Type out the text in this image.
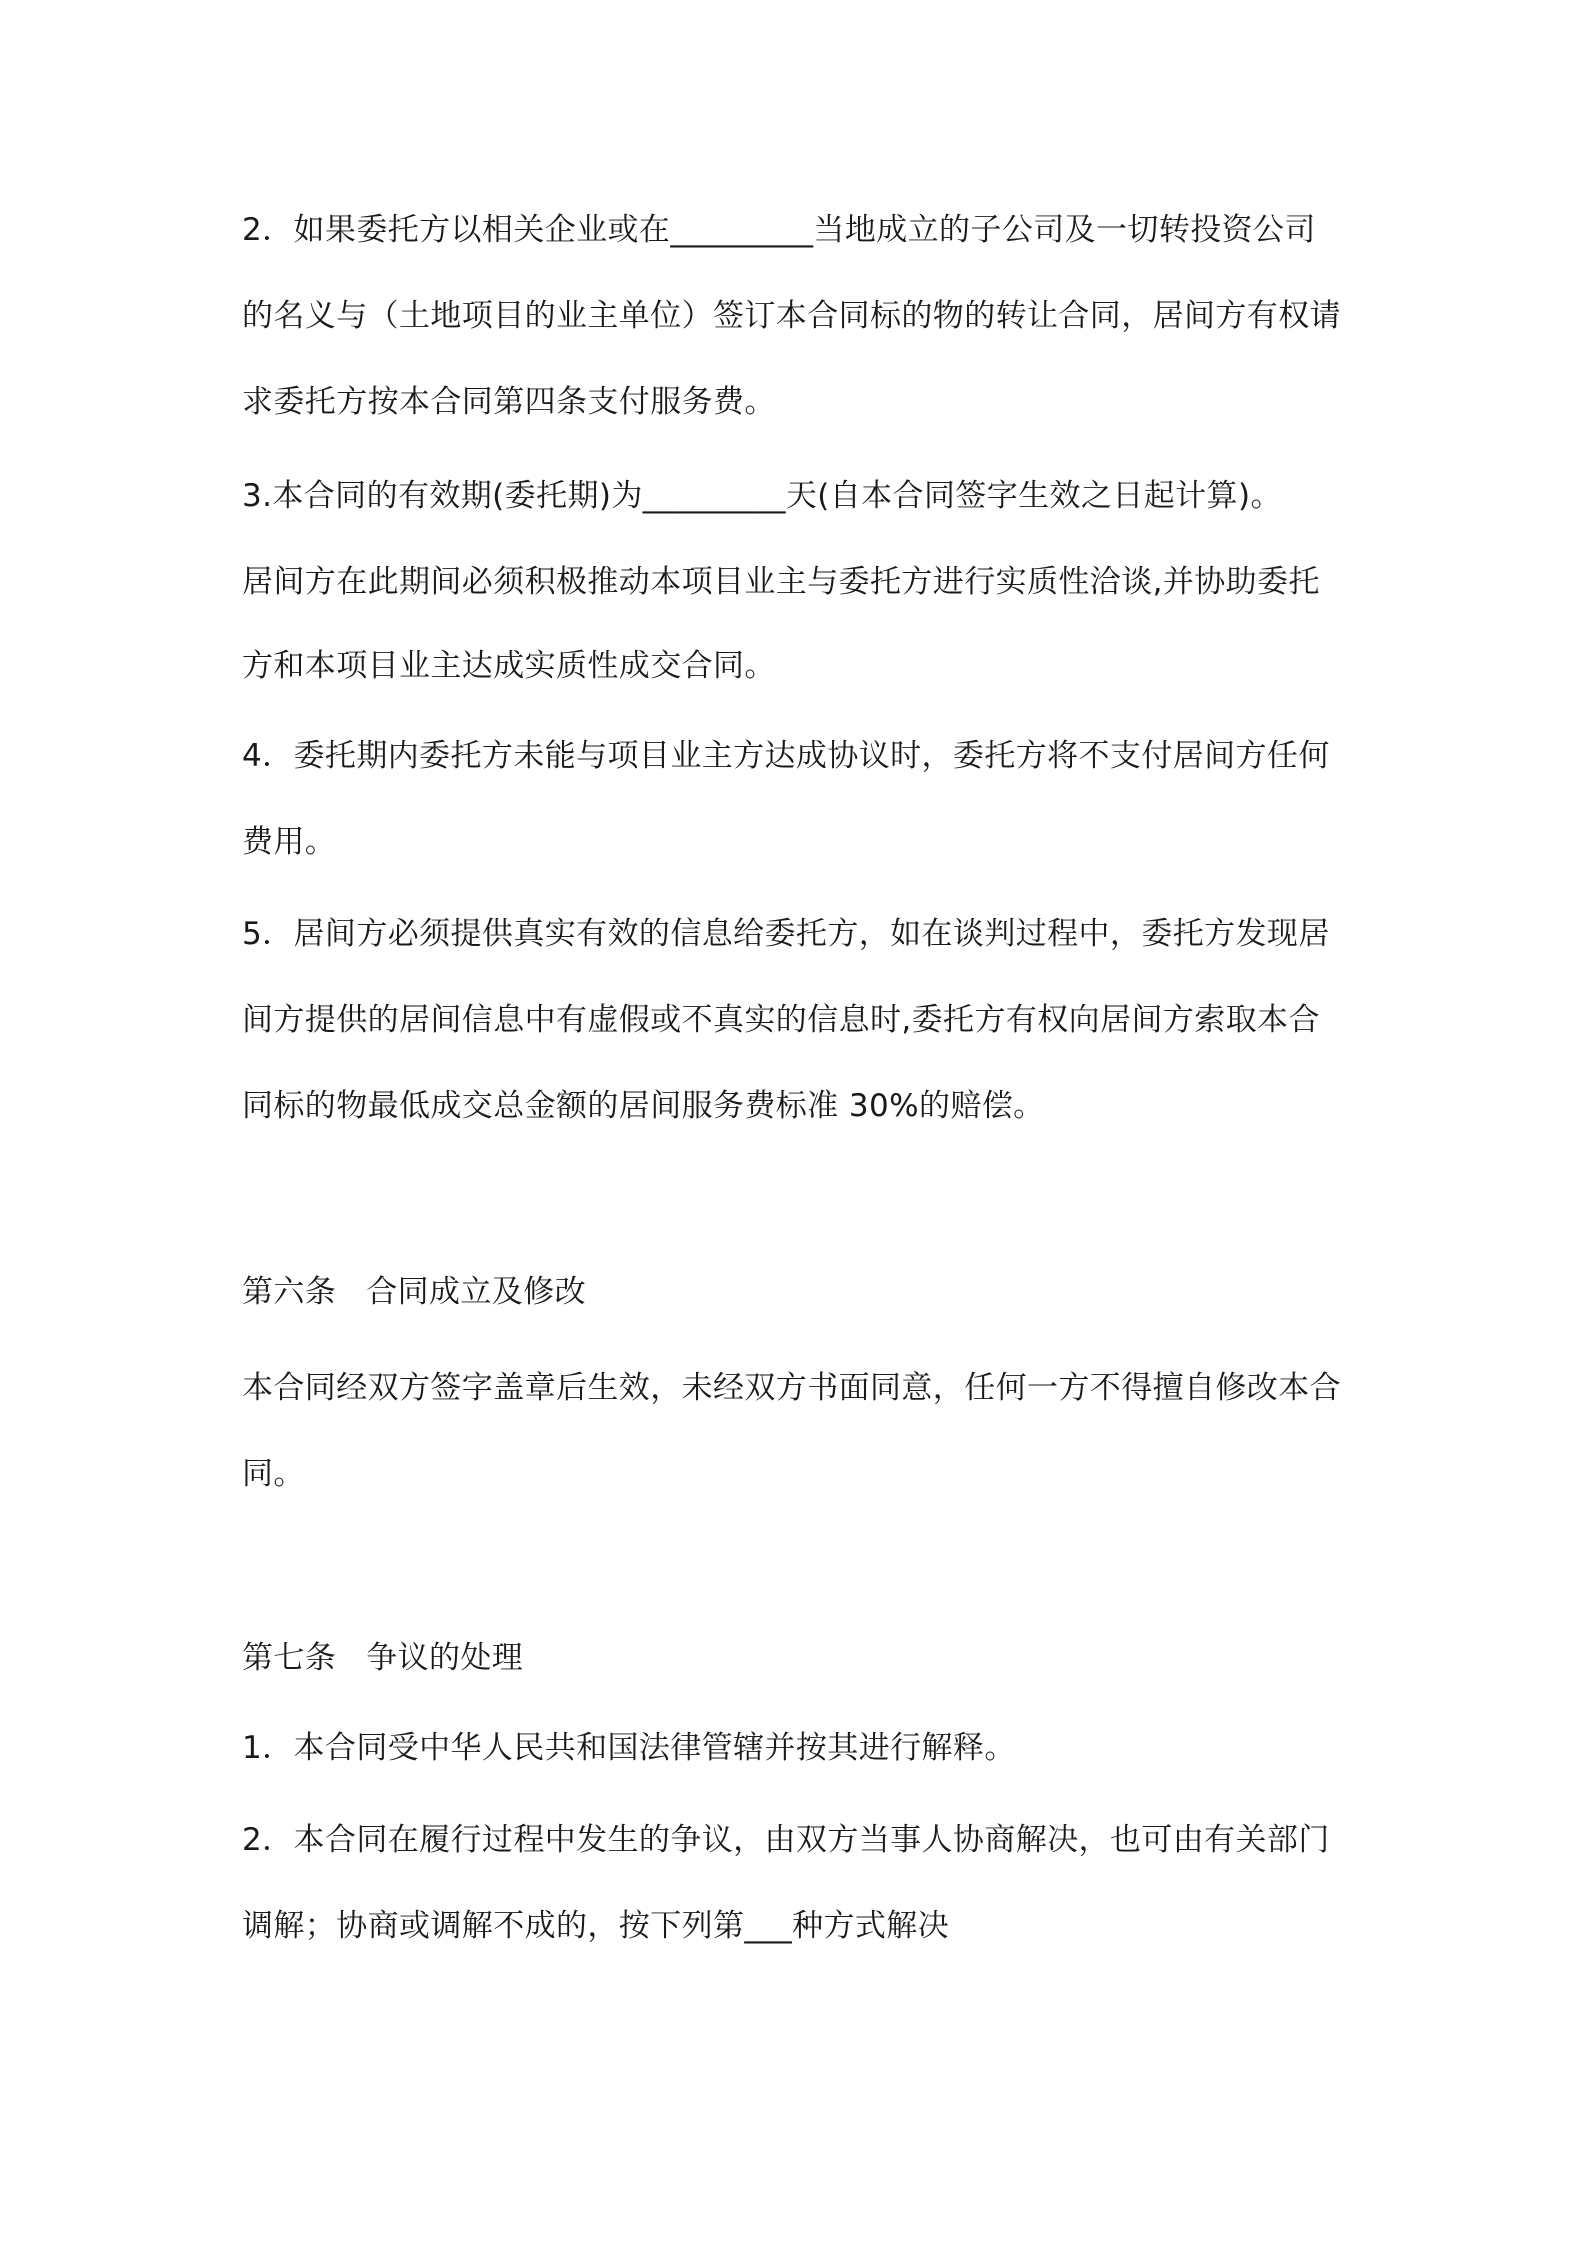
2．如果委托方以相关企业或在_________当地成立的子公司及一切转投资公司

的名义与（土地项目的业主单位）签订本合同标的物的转让合同，居间方有权请

求委托方按本合同第四条支付服务费。

3.本合同的有效期(委托期)为_________天(自本合同签字生效之日起计算)。

居间方在此期间必须积极推动本项目业主与委托方进行实质性洽谈,并协助委托

方和本项目业主达成实质性成交合同。

4．委托期内委托方未能与项目业主方达成协议时，委托方将不支付居间方任何

费用。

5．居间方必须提供真实有效的信息给委托方，如在谈判过程中，委托方发现居

间方提供的居间信息中有虚假或不真实的信息时,委托方有权向居间方索取本合

同标的物最低成交总金额的居间服务费标准 30%的赔偿。

第六条 合同成立及修改

本合同经双方签字盖章后生效，未经双方书面同意，任何一方不得擅自修改本合

同。

第七条 争议的处理

1．本合同受中华人民共和国法律管辖并按其进行解释。

2．本合同在履行过程中发生的争议，由双方当事人协商解决，也可由有关部门

调解；协商或调解不成的，按下列第___种方式解决
